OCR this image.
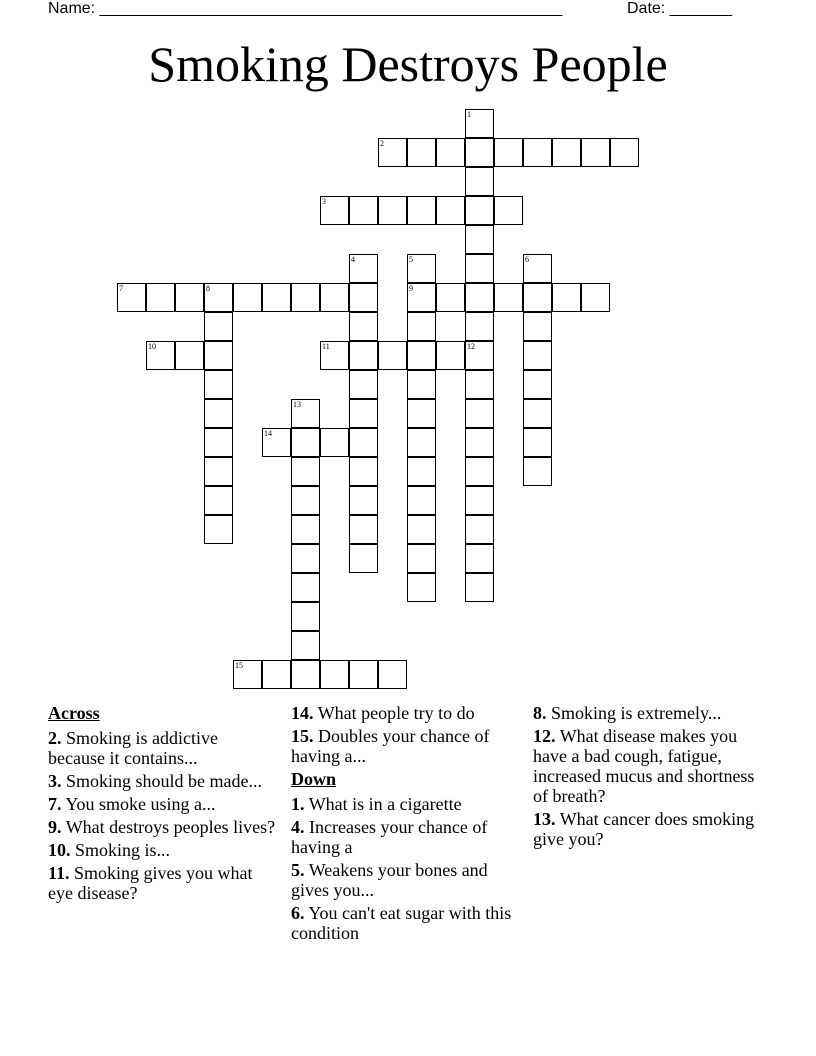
Name: ____________________________________________________	Date: _______
Smoking Destroys People
1
12
2
3
4	5
9
6
7	8
10	11
13
14
15
Across
2. Smoking is addictive because it contains...
3. Smoking should be made...
7. You smoke using a...
9. What destroys peoples lives?
10. Smoking is...
11. Smoking gives you what eye disease?
14. What people try to do
15. Doubles your chance of having a...
Down
1. What is in a cigarette
4. Increases your chance of having a
5. Weakens your bones and gives you...
6. You can't eat sugar with this condition
8. Smoking is extremely...
12. What disease makes you have a bad cough, fatigue, increased mucus and shortness of breath?
13. What cancer does smoking give you?
